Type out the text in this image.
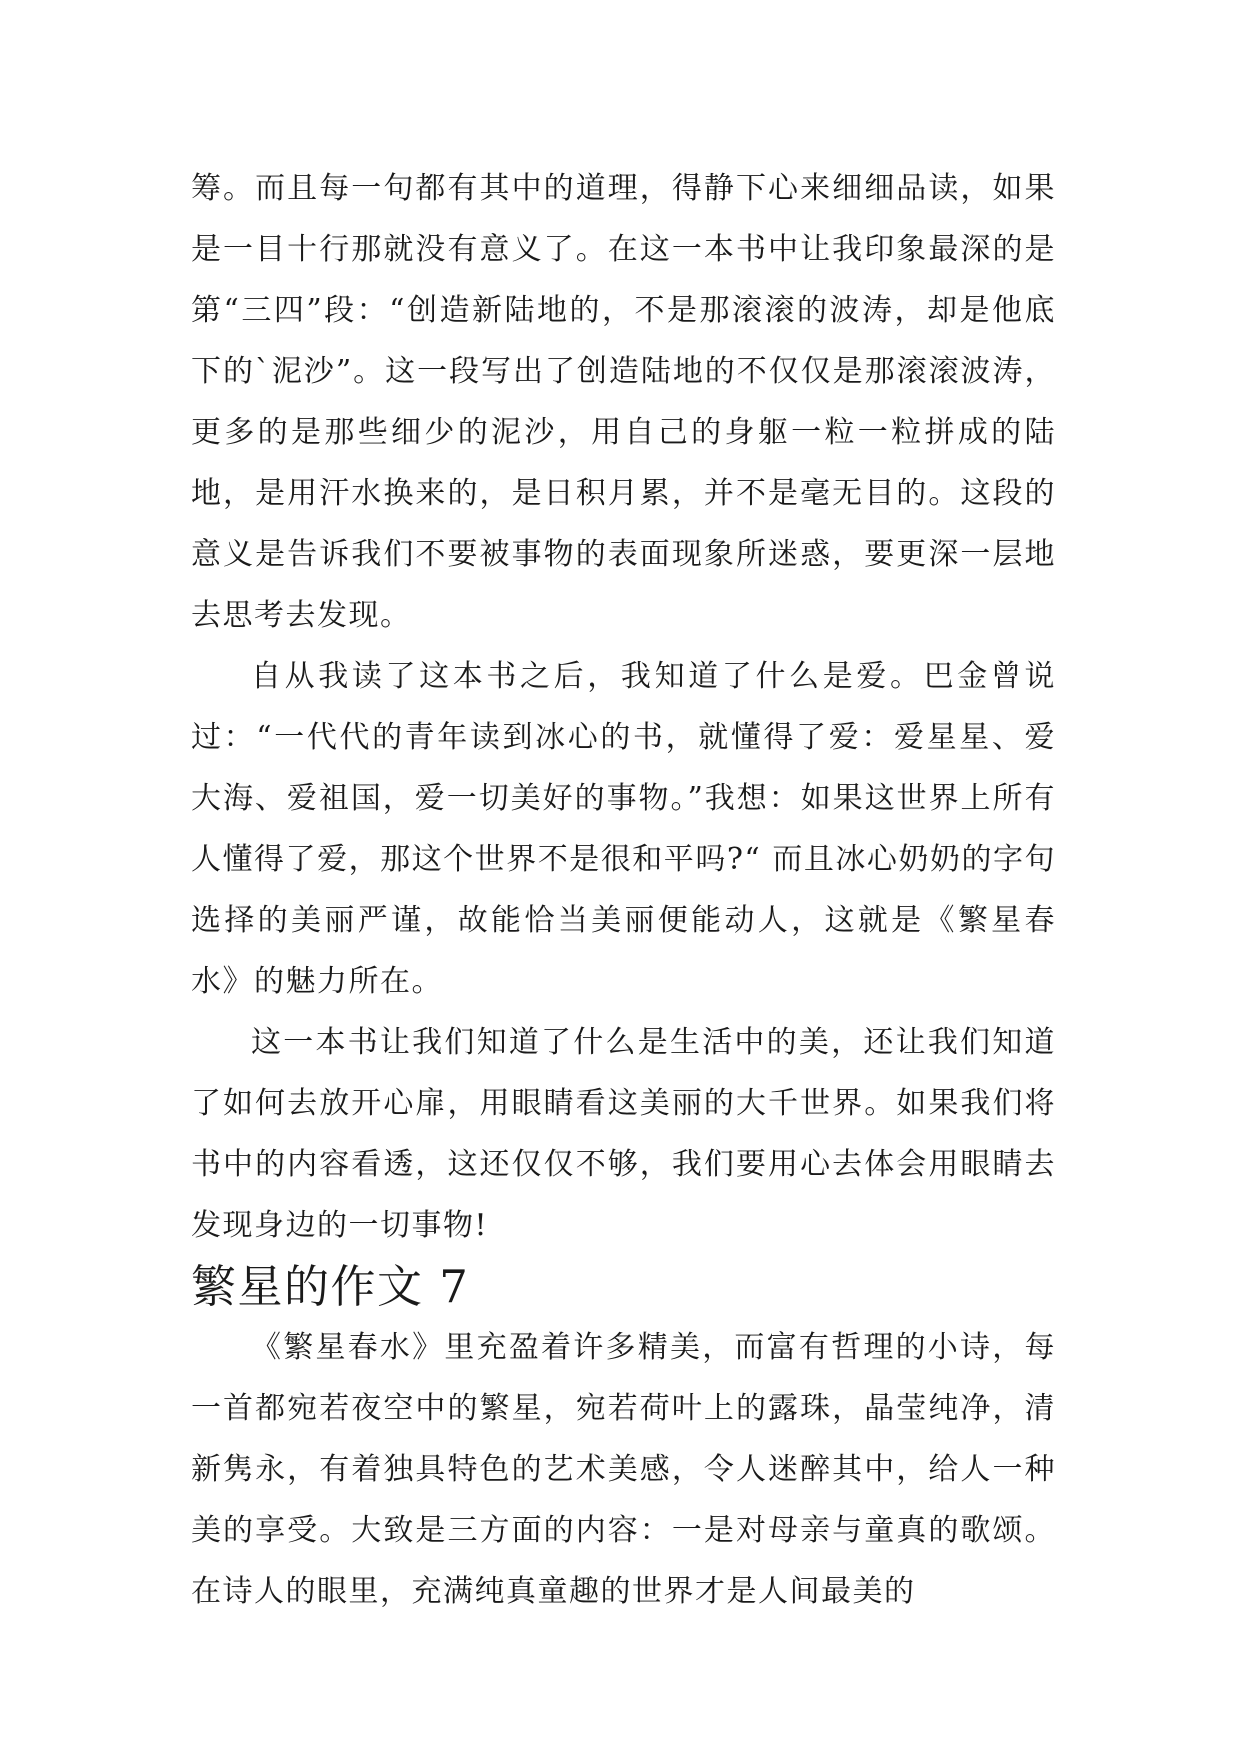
筹。而且每一句都有其中的道理，得静下心来细细品读，如果是一目十行那就没有意义了。在这一本书中让我印象最深的是第“三四”段：“创造新陆地的，不是那滚滚的波涛，却是他底下的`泥沙”。这一段写出了创造陆地的不仅仅是那滚滚波涛，更多的是那些细少的泥沙，用自己的身躯一粒一粒拼成的陆地，是用汗水换来的，是日积月累，并不是毫无目的。这段的意义是告诉我们不要被事物的表面现象所迷惑，要更深一层地去思考去发现。

自从我读了这本书之后，我知道了什么是爱。巴金曾说过：“一代代的青年读到冰心的书，就懂得了爱：爱星星、爱大海、爱祖国，爱一切美好的事物。”我想：如果这世界上所有人懂得了爱，那这个世界不是很和平吗?“ 而且冰心奶奶的字句选择的美丽严谨，故能恰当美丽便能动人，这就是《繁星春水》的魅力所在。

这一本书让我们知道了什么是生活中的美，还让我们知道了如何去放开心扉，用眼睛看这美丽的大千世界。如果我们将书中的内容看透，这还仅仅不够，我们要用心去体会用眼睛去发现身边的一切事物!

繁星的作文 7

《繁星春水》里充盈着许多精美，而富有哲理的小诗，每一首都宛若夜空中的繁星，宛若荷叶上的露珠，晶莹纯净，清新隽永，有着独具特色的艺术美感，令人迷醉其中，给人一种美的享受。大致是三方面的内容：一是对母亲与童真的歌颂。在诗人的眼里，充满纯真童趣的世界才是人间最美的
